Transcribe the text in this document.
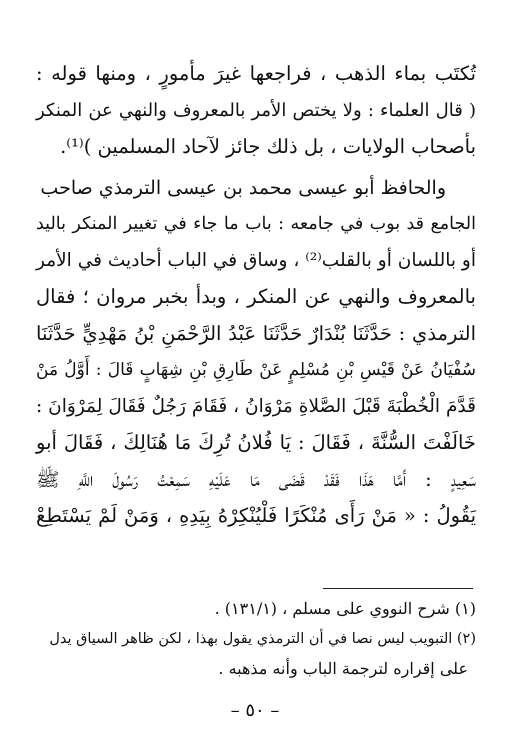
تُكتَب بماء الذهب ، فراجعها غيرَ مأمورٍ ، ومنها قوله :
( قال العلماء : ولا يختص الأمر بالمعروف والنهي عن المنكر
بأصحاب الولايات ، بل ذلك جائز لآحاد المسلمين )⁽¹⁾.
والحافظ أبو عيسى محمد بن عيسى الترمذي صاحب
الجامع قد بوب في جامعه : باب ما جاء في تغيير المنكر باليد
أو باللسان أو بالقلب⁽²⁾ ، وساق في الباب أحاديث في الأمر
بالمعروف والنهي عن المنكر ، وبدأ بخبر مروان ؛ فقال
الترمذي : حَدَّثَنَا بُنْدَارٌ حَدَّثَنَا عَبْدُ الرَّحْمَنِ بْنُ مَهْدِيٍّ حَدَّثَنَا
سُفْيَانُ عَنْ قَيْسِ بْنِ مُسْلِمٍ عَنْ طَارِقِ بْنِ شِهَابٍ قَالَ : أَوَّلُ مَنْ
قَدَّمَ الْخُطْبَةَ قَبْلَ الصَّلاةِ مَرْوَانُ ، فَقَامَ رَجُلٌ فَقَالَ لِمَرْوَانَ :
خَالَفْتَ السُّنَّةَ ، فَقَالَ : يَا فُلانُ تُرِكَ مَا هُنَالِكَ ، فَقَالَ أبو
سَعِيدٍ : أَمَّا هَذَا فَقَدْ قَضَى مَا عَلَيْهِ سَمِعْتُ رَسُولَ اللَّهِ ﷺ
يَقُولُ : « مَنْ رَأَى مُنْكَرًا فَلْيُنْكِرْهُ بِيَدِهِ ، وَمَنْ لَمْ يَسْتَطِعْ
(١) شرح النووي على مسلم ، (١٣١/١) .
(٢) التبويب ليس نصا في أن الترمذي يقول بهذا ، لكن ظاهر السياق يدل
على إقراره لترجمة الباب وأنه مذهبه .
– ٥٠ –
